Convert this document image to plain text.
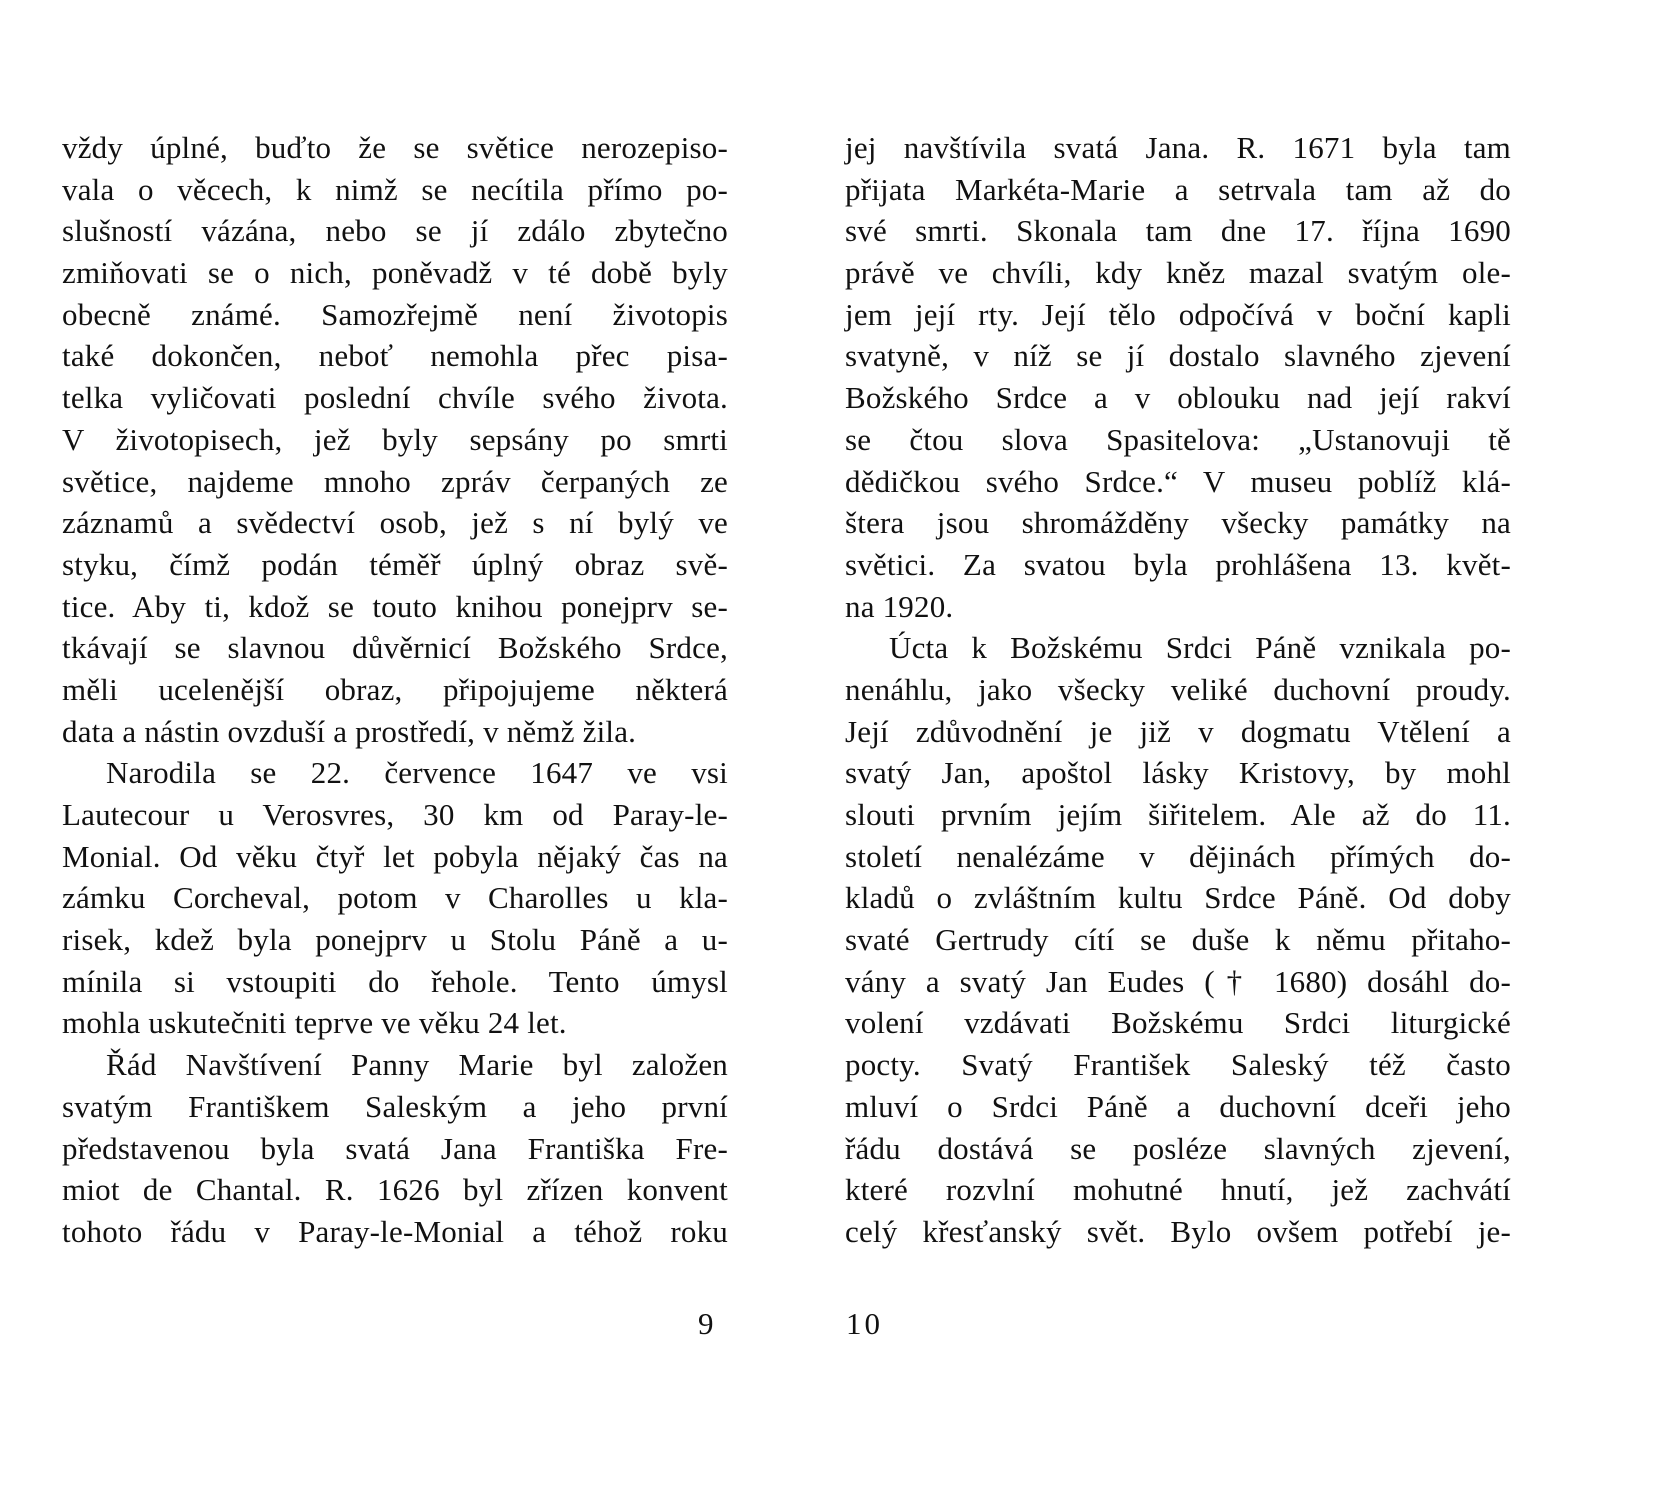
vždy úplné, buďto že se světice nerozepiso-
vala o věcech, k nimž se necítila přímo po-
slušností vázána, nebo se jí zdálo zbytečno
zmiňovati se o nich, poněvadž v té době byly
obecně známé. Samozřejmě není životopis
také dokončen, neboť nemohla přec pisa-
telka vyličovati poslední chvíle svého života.
V životopisech, jež byly sepsány po smrti
světice, najdeme mnoho zpráv čerpaných ze
záznamů a svědectví osob, jež s ní bylý ve
styku, čímž podán téměř úplný obraz svě-
tice. Aby ti, kdož se touto knihou ponejprv se-
tkávají se slavnou důvěrnicí Božského Srdce,
měli ucelenější obraz, připojujeme některá
data a nástin ovzduší a prostředí, v němž žila.
Narodila se 22. července 1647 ve vsi
Lautecour u Verosvres, 30 km od Paray-le-
Monial. Od věku čtyř let pobyla nějaký čas na
zámku Corcheval, potom v Charolles u kla-
risek, kdež byla ponejprv u Stolu Páně a u-
mínila si vstoupiti do řehole. Tento úmysl
mohla uskutečniti teprve ve věku 24 let.
Řád Navštívení Panny Marie byl založen
svatým Františkem Saleským a jeho první
představenou byla svatá Jana Františka Fre-
miot de Chantal. R. 1626 byl zřízen konvent
tohoto řádu v Paray-le-Monial a téhož roku
jej navštívila svatá Jana. R. 1671 byla tam
přijata Markéta-Marie a setrvala tam až do
své smrti. Skonala tam dne 17. října 1690
právě ve chvíli, kdy kněz mazal svatým ole-
jem její rty. Její tělo odpočívá v boční kapli
svatyně, v níž se jí dostalo slavného zjevení
Božského Srdce a v oblouku nad její rakví
se čtou slova Spasitelova: „Ustanovuji tě
dědičkou svého Srdce.“ V museu poblíž klá-
štera jsou shromážděny všecky památky na
světici. Za svatou byla prohlášena 13. květ-
na 1920.
Úcta k Božskému Srdci Páně vznikala po-
nenáhlu, jako všecky veliké duchovní proudy.
Její zdůvodnění je již v dogmatu Vtělení a
svatý Jan, apoštol lásky Kristovy, by mohl
slouti prvním jejím šiřitelem. Ale až do 11.
století nenalézáme v dějinách přímých do-
kladů o zvláštním kultu Srdce Páně. Od doby
svaté Gertrudy cítí se duše k němu přitaho-
vány a svatý Jan Eudes († 1680) dosáhl do-
volení vzdávati Božskému Srdci liturgické
pocty. Svatý František Saleský též často
mluví o Srdci Páně a duchovní dceři jeho
řádu dostává se posléze slavných zjevení,
které rozvlní mohutné hnutí, jež zachvátí
celý křesťanský svět. Bylo ovšem potřebí je-
9	10
